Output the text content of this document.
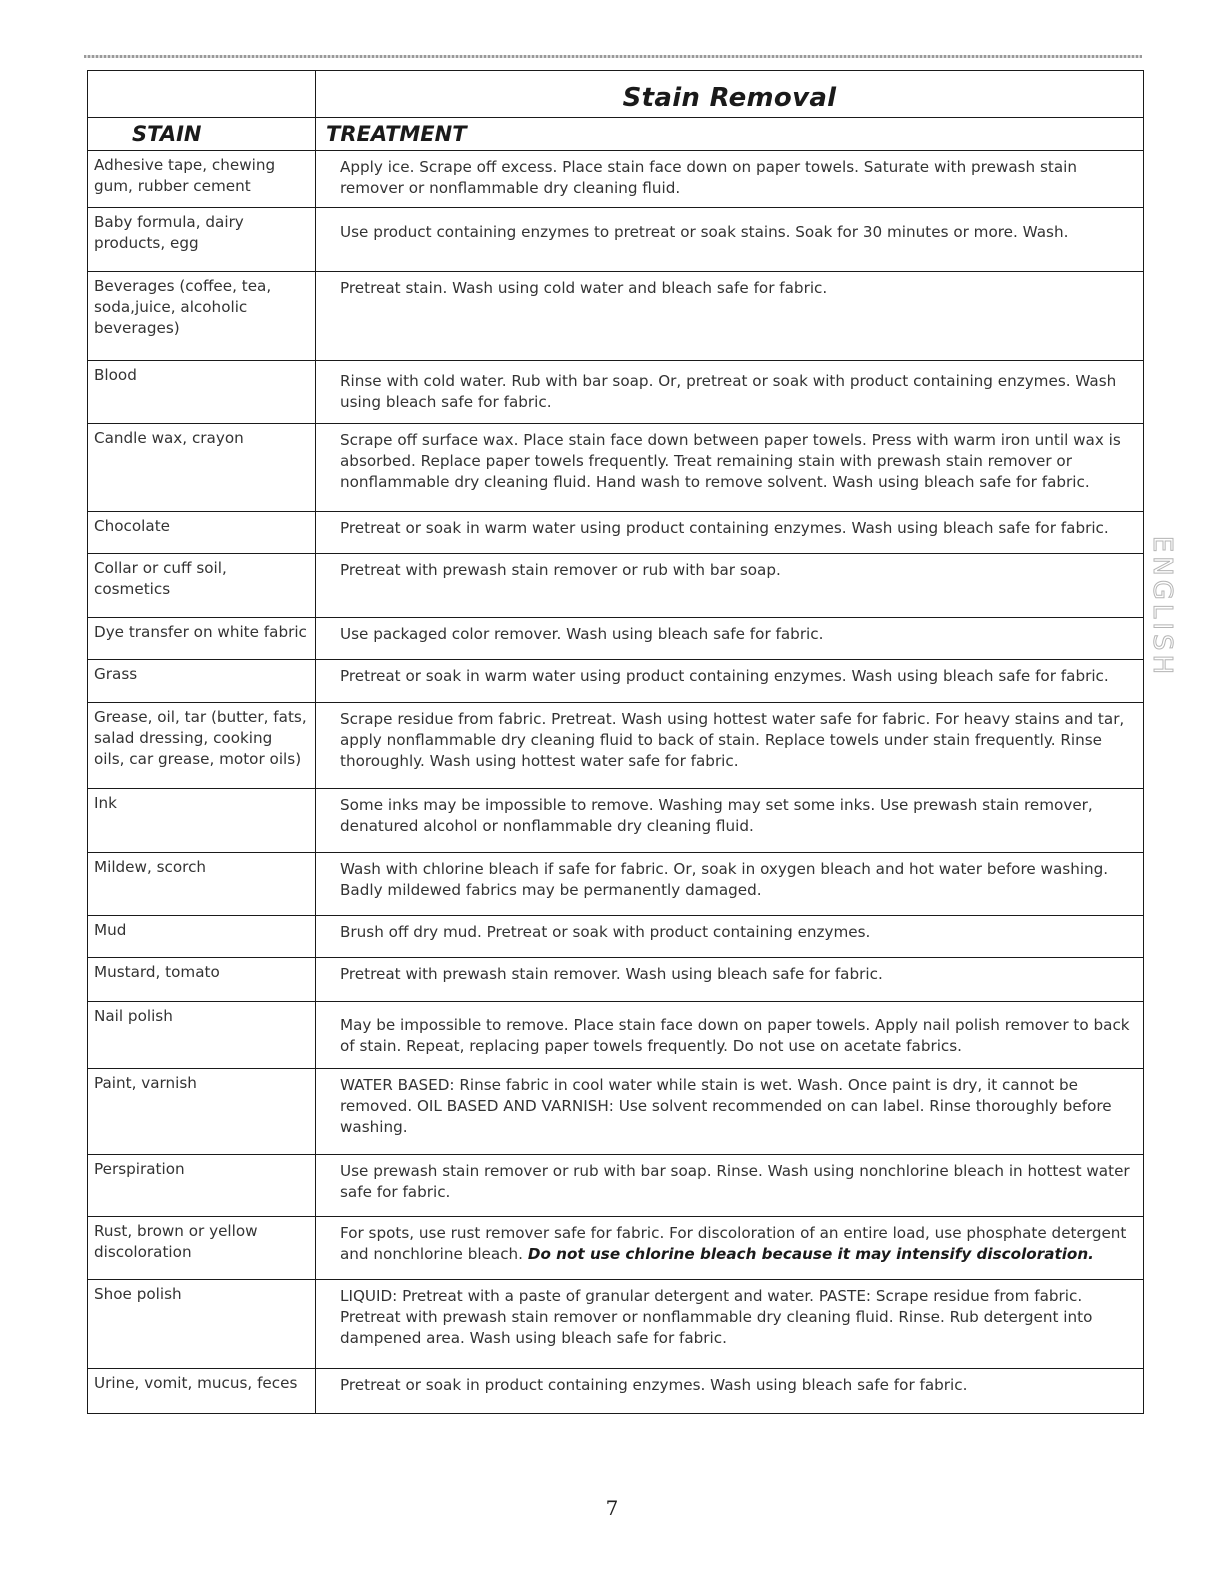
	Stain Removal
STAIN	TREATMENT
Adhesive tape, chewing gum, rubber cement	Apply ice. Scrape off excess. Place stain face down on paper towels. Saturate with prewash stain remover or nonflammable dry cleaning fluid.
Baby formula, dairy products, egg	Use product containing enzymes to pretreat or soak stains. Soak for 30 minutes or more. Wash.
Beverages (coffee, tea, soda,juice, alcoholic beverages)	Pretreat stain. Wash using cold water and bleach safe for fabric.
Blood	Rinse with cold water. Rub with bar soap. Or, pretreat or soak with product containing enzymes. Wash using bleach safe for fabric.
Candle wax, crayon	Scrape off surface wax. Place stain face down between paper towels. Press with warm iron until wax is absorbed. Replace paper towels frequently. Treat remaining stain with prewash stain remover or nonflammable dry cleaning fluid. Hand wash to remove solvent. Wash using bleach safe for fabric.
Chocolate	Pretreat or soak in warm water using product containing enzymes. Wash using bleach safe for fabric.
Collar or cuff soil, cosmetics	Pretreat with prewash stain remover or rub with bar soap.
Dye transfer on white fabric	Use packaged color remover. Wash using bleach safe for fabric.
Grass	Pretreat or soak in warm water using product containing enzymes. Wash using bleach safe for fabric.
Grease, oil, tar (butter, fats, salad dressing, cooking oils, car grease, motor oils)	Scrape residue from fabric. Pretreat. Wash using hottest water safe for fabric. For heavy stains and tar, apply nonflammable dry cleaning fluid to back of stain. Replace towels under stain frequently. Rinse thoroughly. Wash using hottest water safe for fabric.
Ink	Some inks may be impossible to remove. Washing may set some inks. Use prewash stain remover, denatured alcohol or nonflammable dry cleaning fluid.
Mildew, scorch	Wash with chlorine bleach if safe for fabric. Or, soak in oxygen bleach and hot water before washing. Badly mildewed fabrics may be permanently damaged.
Mud	Brush off dry mud. Pretreat or soak with product containing enzymes.
Mustard, tomato	Pretreat with prewash stain remover. Wash using bleach safe for fabric.
Nail polish	May be impossible to remove. Place stain face down on paper towels. Apply nail polish remover to back of stain. Repeat, replacing paper towels frequently. Do not use on acetate fabrics.
Paint, varnish	WATER BASED: Rinse fabric in cool water while stain is wet. Wash. Once paint is dry, it cannot be removed. OIL BASED AND VARNISH: Use solvent recommended on can label. Rinse thoroughly before washing.
Perspiration	Use prewash stain remover or rub with bar soap. Rinse. Wash using nonchlorine bleach in hottest water safe for fabric.
Rust, brown or yellow discoloration	For spots, use rust remover safe for fabric. For discoloration of an entire load, use phosphate detergent and nonchlorine bleach. Do not use chlorine bleach because it may intensify discoloration.
Shoe polish	LIQUID: Pretreat with a paste of granular detergent and water. PASTE: Scrape residue from fabric. Pretreat with prewash stain remover or nonflammable dry cleaning fluid. Rinse. Rub detergent into dampened area. Wash using bleach safe for fabric.
Urine, vomit, mucus, feces	Pretreat or soak in product containing enzymes. Wash using bleach safe for fabric.
ENGLISH
7
